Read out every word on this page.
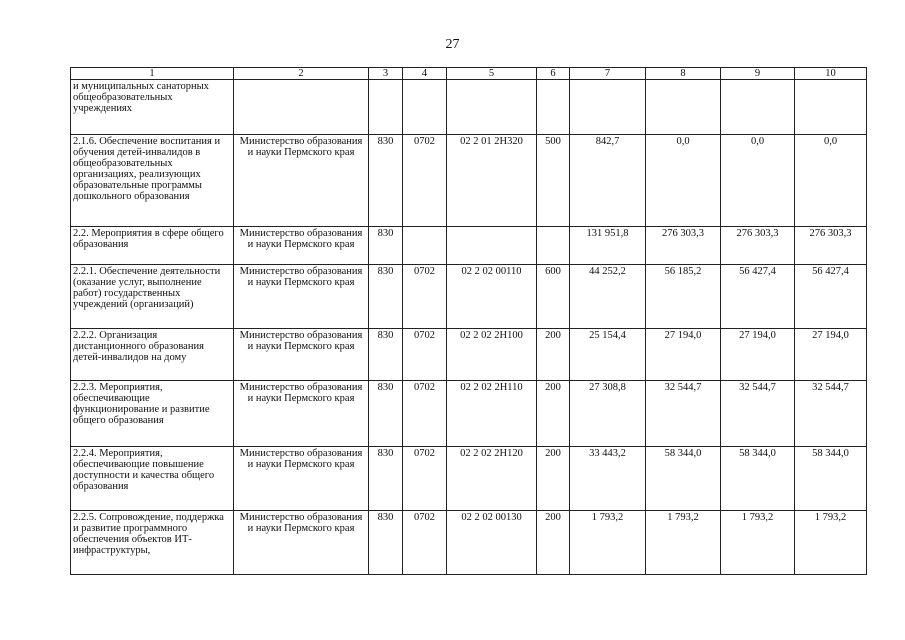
27
1	2	3	4	5	6	7	8	9	10
и муниципальных санаторных общеобразовательных учреждениях									
2.1.6. Обеспечение воспитания и обучения детей-инвалидов в общеобразовательных организациях, реализующих образовательные программы дошкольного образования	Министерство образования и науки Пермского края	830	0702	02 2 01 2Н320	500	842,7	0,0	0,0	0,0
2.2. Мероприятия в сфере общего образования	Министерство образования и науки Пермского края	830				131 951,8	276 303,3	276 303,3	276 303,3
2.2.1. Обеспечение деятельности (оказание услуг, выполнение работ) государственных учреждений (организаций)	Министерство образования и науки Пермского края	830	0702	02 2 02 00110	600	44 252,2	56 185,2	56 427,4	56 427,4
2.2.2. Организация дистанционного образования детей-инвалидов на дому	Министерство образования и науки Пермского края	830	0702	02 2 02 2Н100	200	25 154,4	27 194,0	27 194,0	27 194,0
2.2.3. Мероприятия, обеспечивающие функционирование и развитие общего образования	Министерство образования и науки Пермского края	830	0702	02 2 02 2Н110	200	27 308,8	32 544,7	32 544,7	32 544,7
2.2.4. Мероприятия, обеспечивающие повышение доступности и качества общего образования	Министерство образования и науки Пермского края	830	0702	02 2 02 2Н120	200	33 443,2	58 344,0	58 344,0	58 344,0
2.2.5. Сопровождение, поддержка и развитие программного обеспечения объектов ИТ-инфраструктуры,	Министерство образования и науки Пермского края	830	0702	02 2 02 00130	200	1 793,2	1 793,2	1 793,2	1 793,2
